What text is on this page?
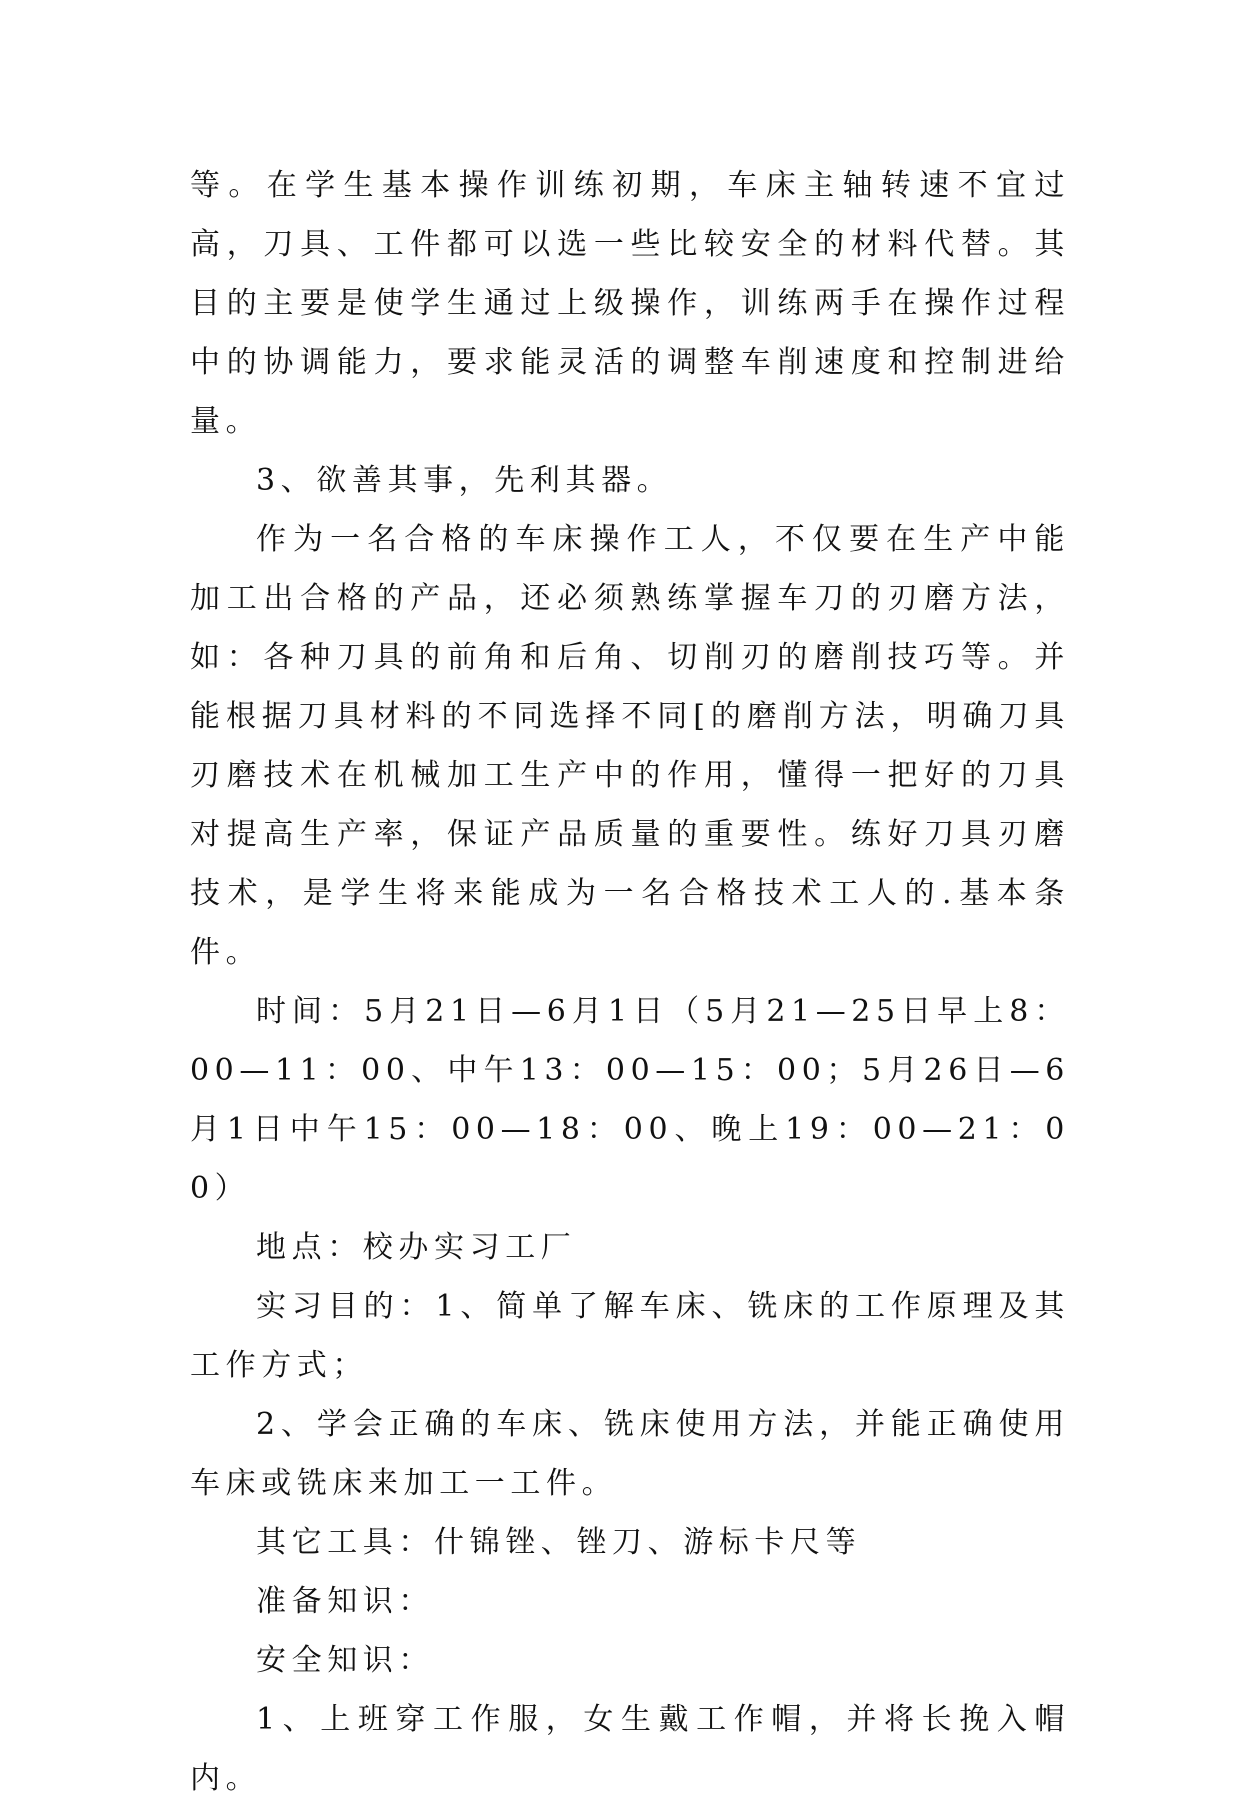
等。在学生基本操作训练初期，车床主轴转速不宜过高，刀具、工件都可以选一些比较安全的材料代替。其目的主要是使学生通过上级操作，训练两手在操作过程中的协调能力，要求能灵活的调整车削速度和控制进给量。

3、欲善其事，先利其器。

作为一名合格的车床操作工人，不仅要在生产中能加工出合格的产品，还必须熟练掌握车刀的刃磨方法，如：各种刀具的前角和后角、切削刃的磨削技巧等。并能根据刀具材料的不同选择不同[的磨削方法，明确刀具刃磨技术在机械加工生产中的作用，懂得一把好的刀具对提高生产率，保证产品质量的重要性。练好刀具刃磨技术，是学生将来能成为一名合格技术工人的.基本条件。

时间：5月21日—6月1日（5月21—25日早上8：00—11：00、中午13：00—15：00；5月26日—6月1日中午15：00—18：00、晚上19：00—21：00）

地点：校办实习工厂

实习目的：1、简单了解车床、铣床的工作原理及其工作方式；

2、学会正确的车床、铣床使用方法，并能正确使用车床或铣床来加工一工件。

其它工具：什锦锉、锉刀、游标卡尺等

准备知识：

安全知识：

1、上班穿工作服，女生戴工作帽，并将长挽入帽内。
